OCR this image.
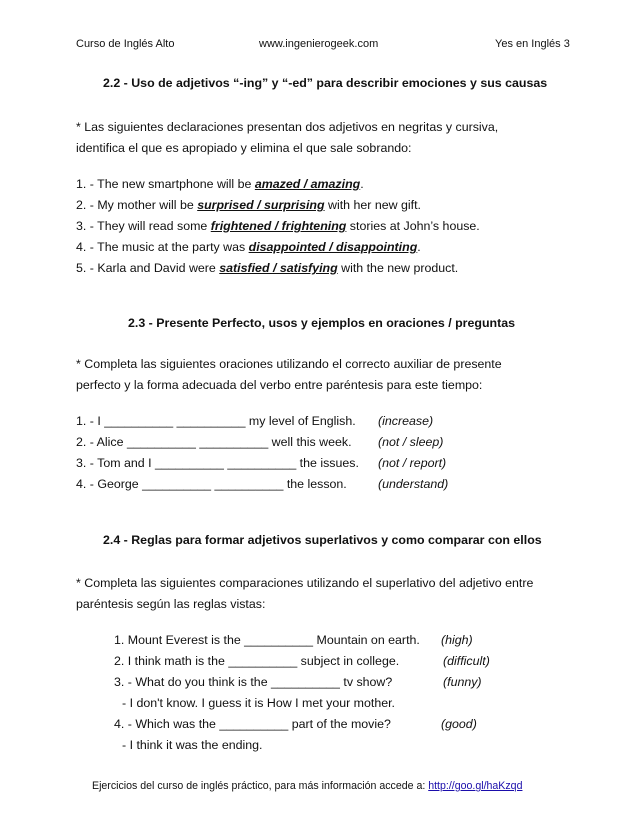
Curso de Inglés Alto	www.ingenierogeek.com	Yes en Inglés 3
2.2 - Uso de adjetivos “-ing” y “-ed” para describir emociones y sus causas
* Las siguientes declaraciones presentan dos adjetivos en negritas y cursiva,
identifica el que es apropiado y elimina el que sale sobrando:
1. - The new smartphone will be amazed / amazing.
2. - My mother will be surprised / surprising with her new gift.
3. - They will read some frightened / frightening stories at John’s house.
4. - The music at the party was disappointed / disappointing.
5. - Karla and David were satisfied / satisfying with the new product.
2.3 - Presente Perfecto, usos y ejemplos en oraciones / preguntas
* Completa las siguientes oraciones utilizando el correcto auxiliar de presente
perfecto y la forma adecuada del verbo entre paréntesis para este tiempo:
1. - I __________ __________ my level of English. (increase)
2. - Alice __________ __________ well this week. (not / sleep)
3. - Tom and I __________ __________ the issues. (not / report)
4. - George __________ __________ the lesson.	(understand)
2.4 - Reglas para formar adjetivos superlativos y como comparar con ellos
* Completa las siguientes comparaciones utilizando el superlativo del adjetivo entre
paréntesis según las reglas vistas:
1. Mount Everest is the __________ Mountain on earth. (high)
2. I think math is the __________ subject in college.	(difficult)
3. - What do you think is the __________ tv show?	(funny)
- I don't know. I guess it is How I met your mother.
4. - Which was the __________ part of the movie?	(good)
- I think it was the ending.
Ejercicios del curso de inglés práctico, para más información accede a: http://goo.gl/haKzqd
